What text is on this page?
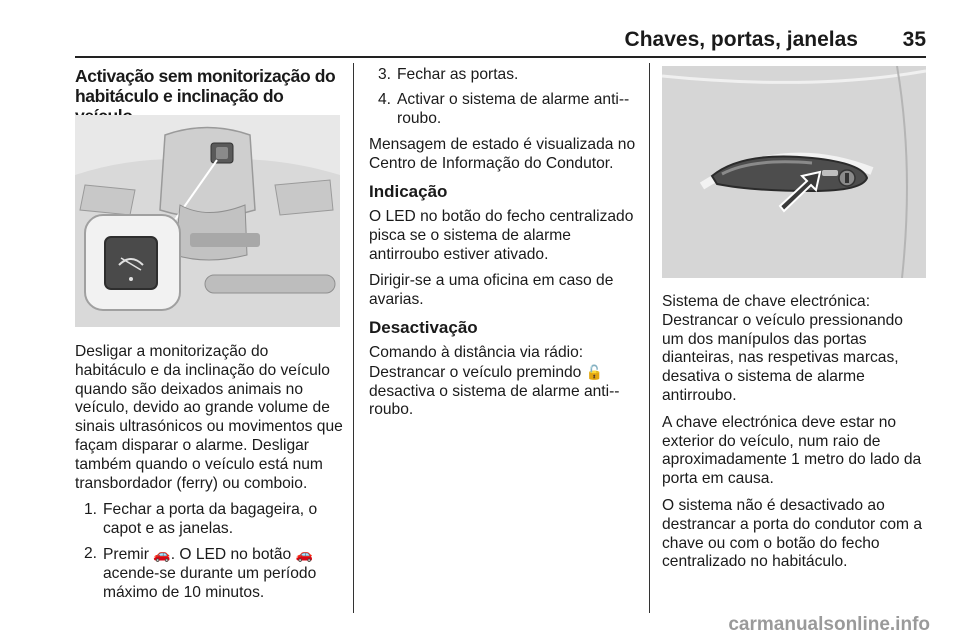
Chaves, portas, janelas	35
Activação sem monitorização do habitáculo e inclinação do

Desligar a monitorização do habitáculo e da inclinação do veículo quando são deixados animais no veículo, devido ao grande volume de sinais ultrasónicos ou movimentos que façam disparar o alarme. Desligar também quando o veículo está num transbordador (ferry) ou comboio.

1. Fechar a porta da bagageira, o capot e as janelas.
2. Premir 🚗. O LED no botão 🚗 acende-se durante um período máximo de 10 minutos.
3. Fechar as portas.
4. Activar o sistema de alarme anti--roubo.

Mensagem de estado é visualizada no Centro de Informação do Condutor.

Indicação

O LED no botão do fecho centralizado pisca se o sistema de alarme antirroubo estiver ativado.

Dirigir-se a uma oficina em caso de avarias.

Desactivação

Comando à distância via rádio: Destrancar o veículo premindo 🔓 desactiva o sistema de alarme anti--roubo.

Sistema de chave electrónica: Destrancar o veículo pressionando um dos manípulos das portas dianteiras, nas respetivas marcas, desativa o sistema de alarme antirroubo.

A chave electrónica deve estar no exterior do veículo, num raio de aproximadamente 1 metro do lado da porta em causa.

O sistema não é desactivado ao destrancar a porta do condutor com a chave ou com o botão do fecho centralizado no habitáculo.

carmanualsonline.info
